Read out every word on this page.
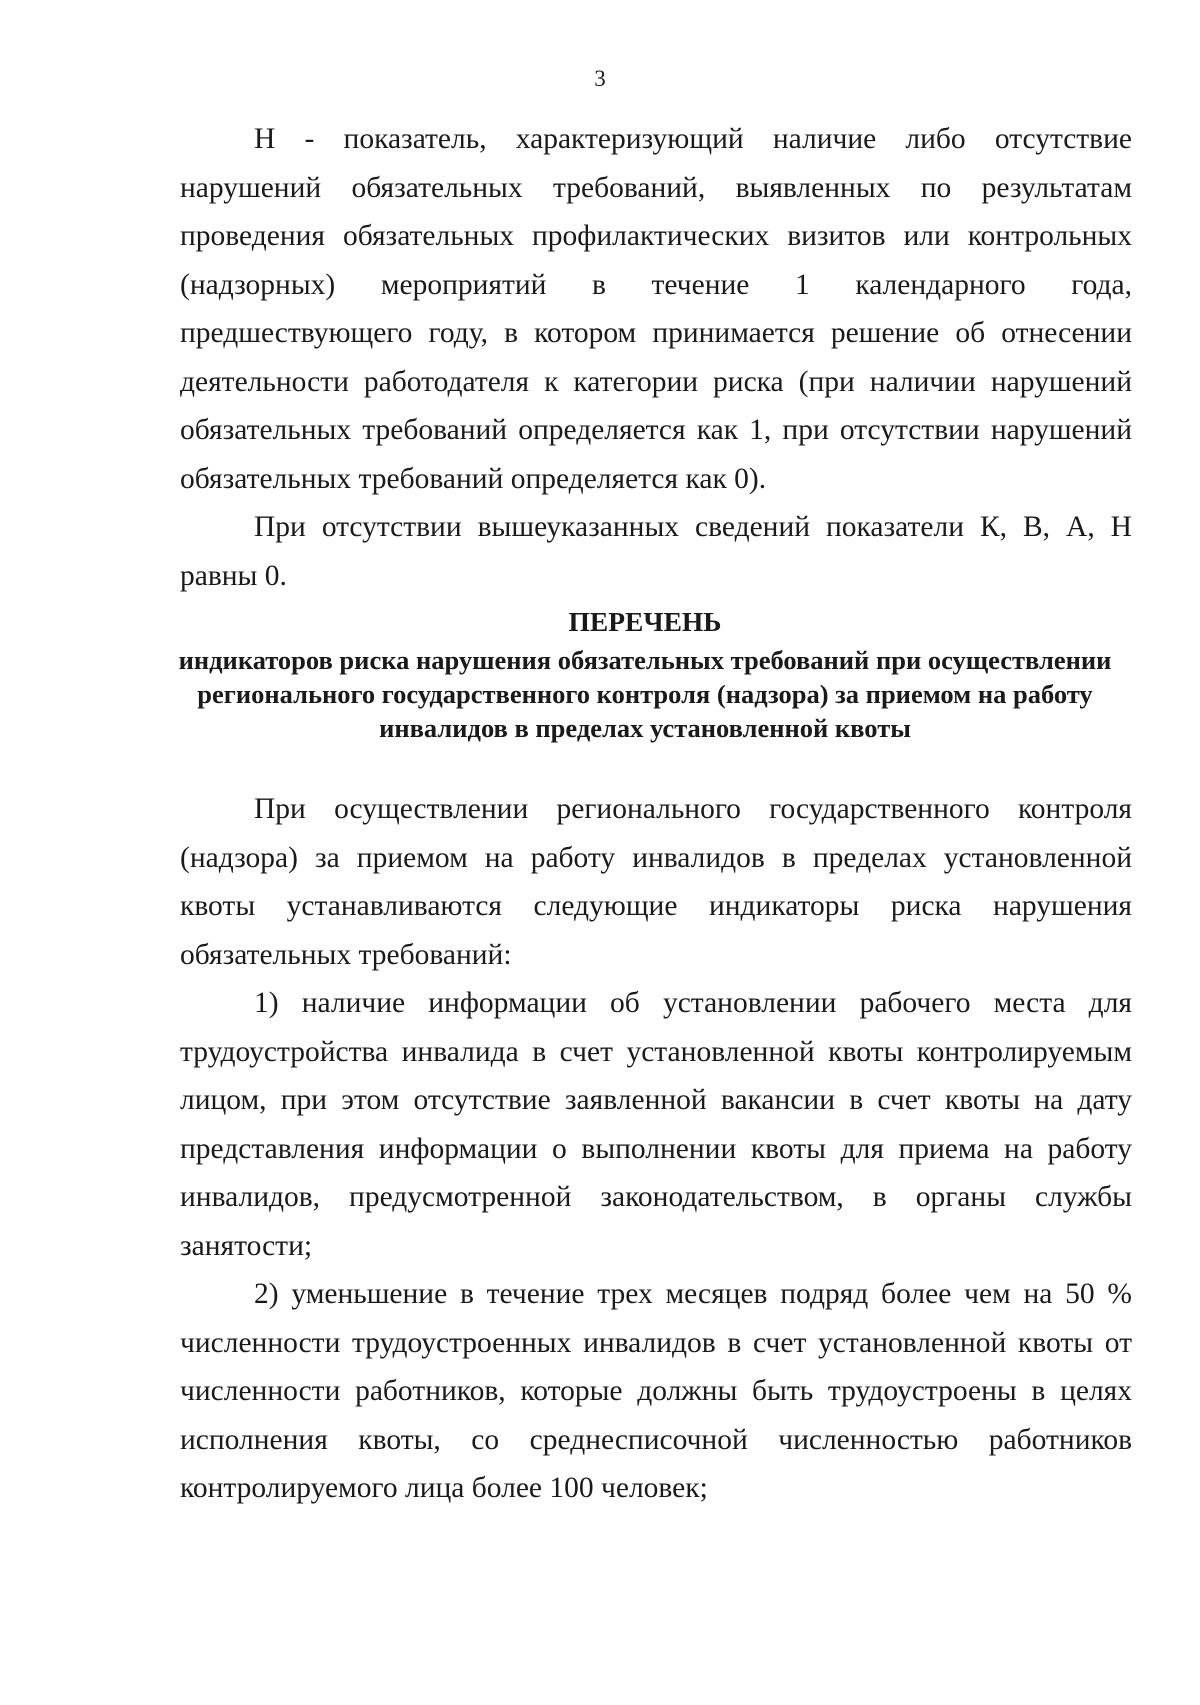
3

Н - показатель, характеризующий наличие либо отсутствие нарушений обязательных требований, выявленных по результатам проведения обязательных профилактических визитов или контрольных (надзорных) мероприятий в течение 1 календарного года, предшествующего году, в котором принимается решение об отнесении деятельности работодателя к категории риска (при наличии нарушений обязательных требований определяется как 1, при отсутствии нарушений обязательных требований определяется как 0).

При отсутствии вышеуказанных сведений показатели К, В, А, Н равны 0.

ПЕРЕЧЕНЬ

индикаторов риска нарушения обязательных требований при осуществлении регионального государственного контроля (надзора) за приемом на работу инвалидов в пределах установленной квоты

При осуществлении регионального государственного контроля (надзора) за приемом на работу инвалидов в пределах установленной квоты устанавливаются следующие индикаторы риска нарушения обязательных требований:

1) наличие информации об установлении рабочего места для трудоустройства инвалида в счет установленной квоты контролируемым лицом, при этом отсутствие заявленной вакансии в счет квоты на дату представления информации о выполнении квоты для приема на работу инвалидов, предусмотренной законодательством, в органы службы занятости;

2) уменьшение в течение трех месяцев подряд более чем на 50 % численности трудоустроенных инвалидов в счет установленной квоты от численности работников, которые должны быть трудоустроены в целях исполнения квоты, со среднесписочной численностью работников контролируемого лица более 100 человек;
